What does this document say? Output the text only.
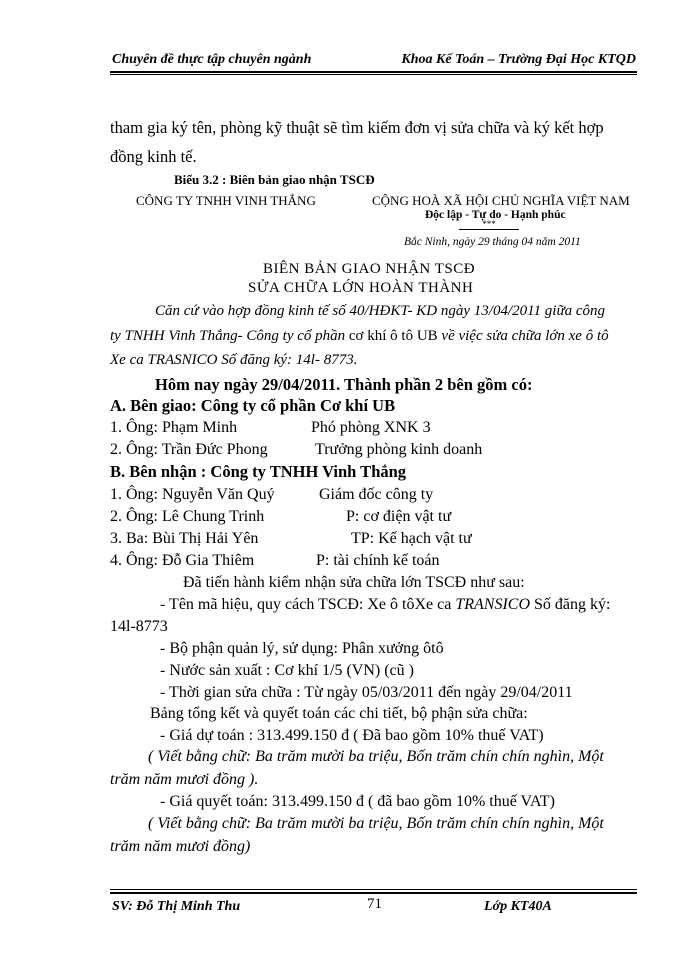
Chuyên đề thực tập chuyên ngành	Khoa Kế Toán – Trường Đại Học KTQD
tham gia ký tên, phòng kỹ thuật sẽ tìm kiếm đơn vị sửa chữa và ký kết hợp
đồng kinh tế.
Biểu 3.2 : Biên bản giao nhận TSCĐ
CÔNG TY TNHH VINH THẮNG	CỘNG HOÀ XÃ HỘI CHỦ NGHĨA VIỆT NAM
Độc lập - Tự do - Hạnh phúc
***
Bắc Ninh, ngày 29 tháng 04 năm 2011
BIÊN BẢN GIAO NHẬN TSCĐ
SỬA CHỮA LỚN HOÀN THÀNH
Căn cứ vào hợp đồng kinh tế số 40/HĐKT- KD ngày 13/04/2011 giữa công
ty TNHH Vinh Thắng- Công ty cổ phần cơ khí ô tô UB về việc sửa chữa lớn xe ô tô
Xe ca TRASNICO Số đăng ký: 14l- 8773.
Hôm nay ngày 29/04/2011. Thành phần 2 bên gồm có:
A. Bên giao: Công ty cổ phần Cơ khí UB
1. Ông: Phạm Minh	Phó phòng XNK 3
2. Ông: Trần Đức Phong	Trưởng phòng kinh doanh
B. Bên nhận : Công ty TNHH Vinh Thắng
1. Ông: Nguyễn Văn Quý	Giám đốc công ty
2. Ông: Lê Chung Trinh	P: cơ điện vật tư
3. Ba: Bùi Thị Hải Yên	TP: Kế hạch vật tư
4. Ông: Đỗ Gia Thiêm	P: tài chính kế toán
Đã tiến hành kiểm nhận sửa chữa lớn TSCĐ như sau:
- Tên mã hiệu, quy cách TSCĐ: Xe ô tôXe ca TRANSICO Số đăng ký:
14l-8773
- Bộ phận quản lý, sử dụng: Phân xưởng ôtô
- Nước sản xuất : Cơ khí 1/5 (VN) (cũ )
- Thời gian sửa chữa : Từ ngày 05/03/2011 đến ngày 29/04/2011
Bảng tổng kết và quyết toán các chi tiết, bộ phận sửa chữa:
- Giá dự toán : 313.499.150 đ ( Đã bao gồm 10% thuế VAT)
( Viết bằng chữ: Ba trăm mười ba triệu, Bốn trăm chín chín nghìn, Một
trăm năm mươi đồng ).
- Giá quyết toán: 313.499.150 đ ( đã bao gồm 10% thuế VAT)
( Viết bằng chữ: Ba trăm mười ba triệu, Bốn trăm chín chín nghìn, Một
trăm năm mươi đồng)
SV: Đỗ Thị Minh Thu	71	Lớp KT40A
